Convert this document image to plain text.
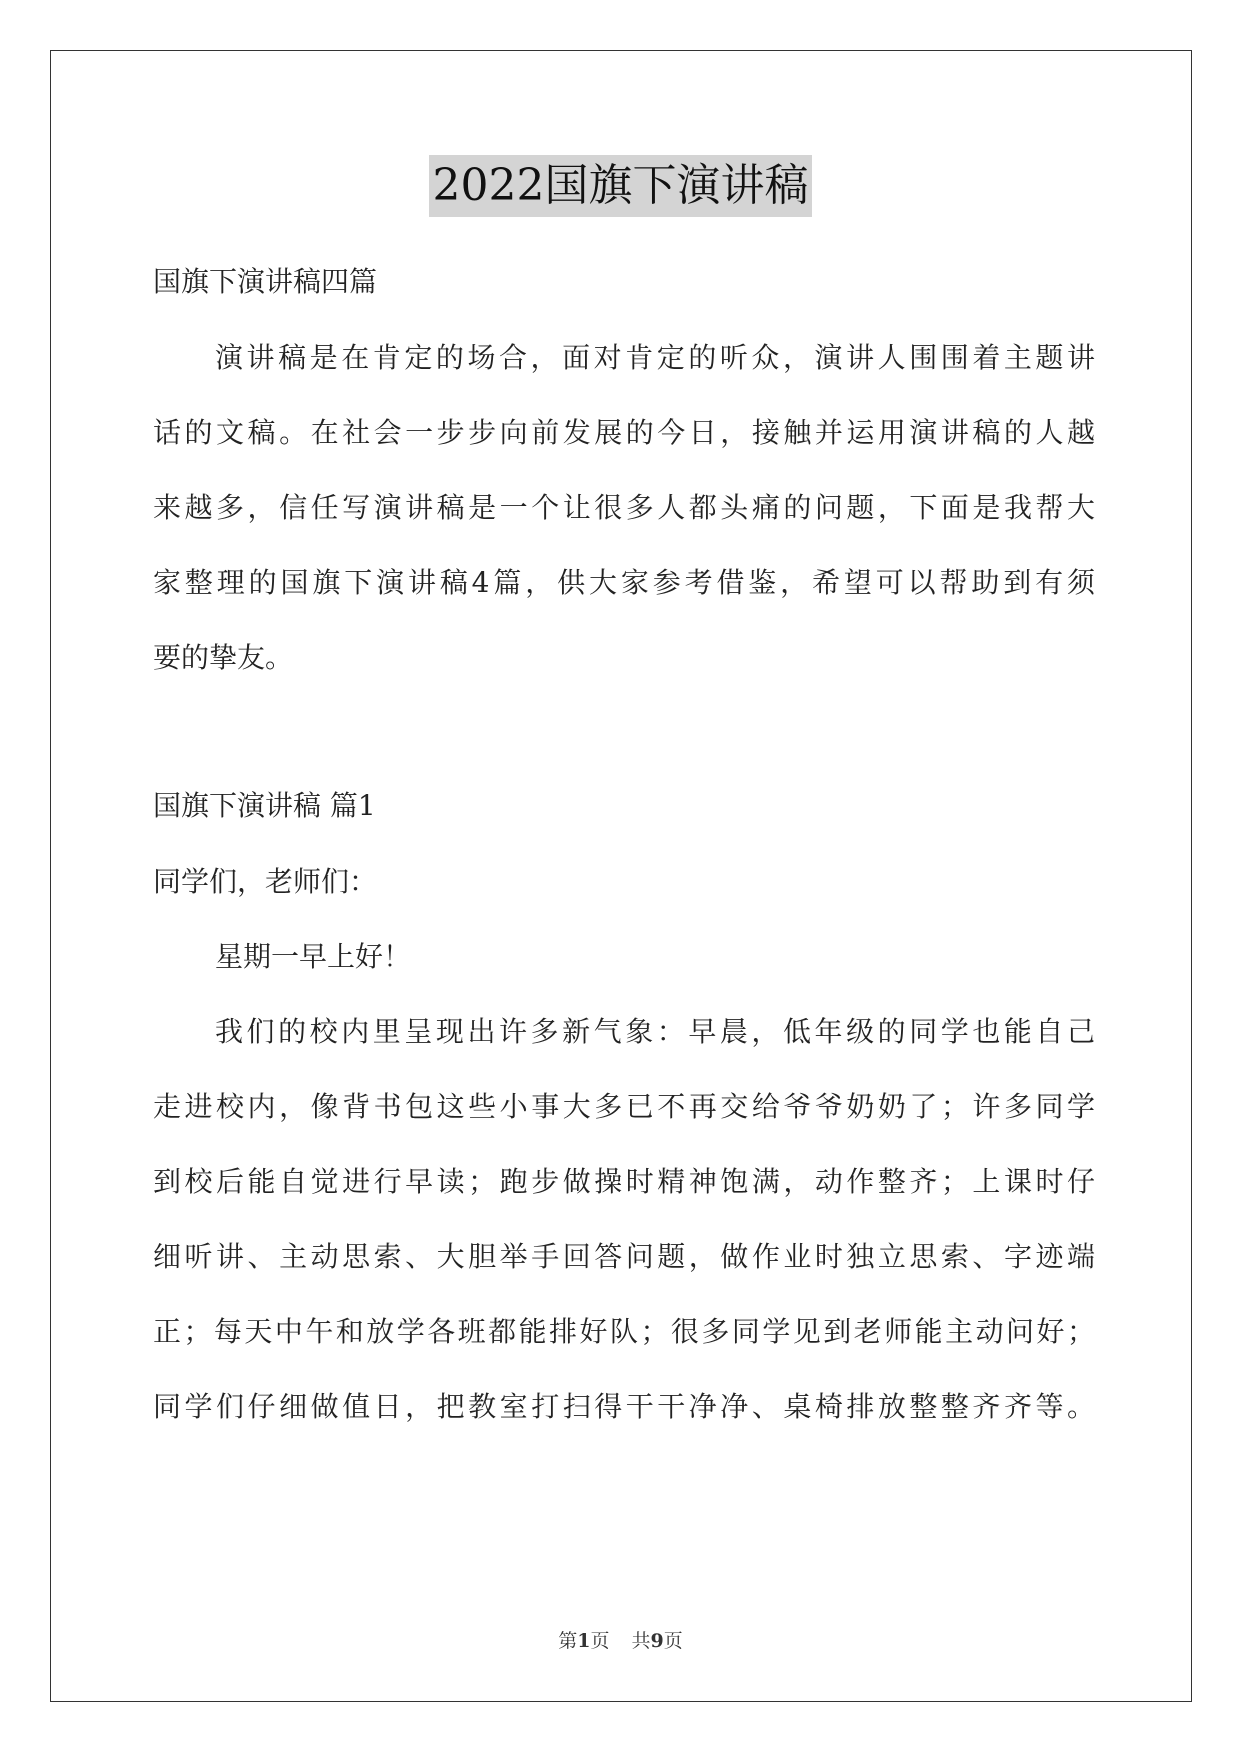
2022国旗下演讲稿

国旗下演讲稿四篇

演讲稿是在肯定的场合，面对肯定的听众，演讲人围围着主题讲

话的文稿。在社会一步步向前发展的今日，接触并运用演讲稿的人越

来越多，信任写演讲稿是一个让很多人都头痛的问题，下面是我帮大

家整理的国旗下演讲稿4篇，供大家参考借鉴，希望可以帮助到有须

要的挚友。

国旗下演讲稿 篇1

同学们，老师们：

星期一早上好！

我们的校内里呈现出许多新气象：早晨，低年级的同学也能自己

走进校内，像背书包这些小事大多已不再交给爷爷奶奶了；许多同学

到校后能自觉进行早读；跑步做操时精神饱满，动作整齐；上课时仔

细听讲、主动思索、大胆举手回答问题，做作业时独立思索、字迹端

正；每天中午和放学各班都能排好队；很多同学见到老师能主动问好；

同学们仔细做值日，把教室打扫得干干净净、桌椅排放整整齐齐等。

第1页 共9页
